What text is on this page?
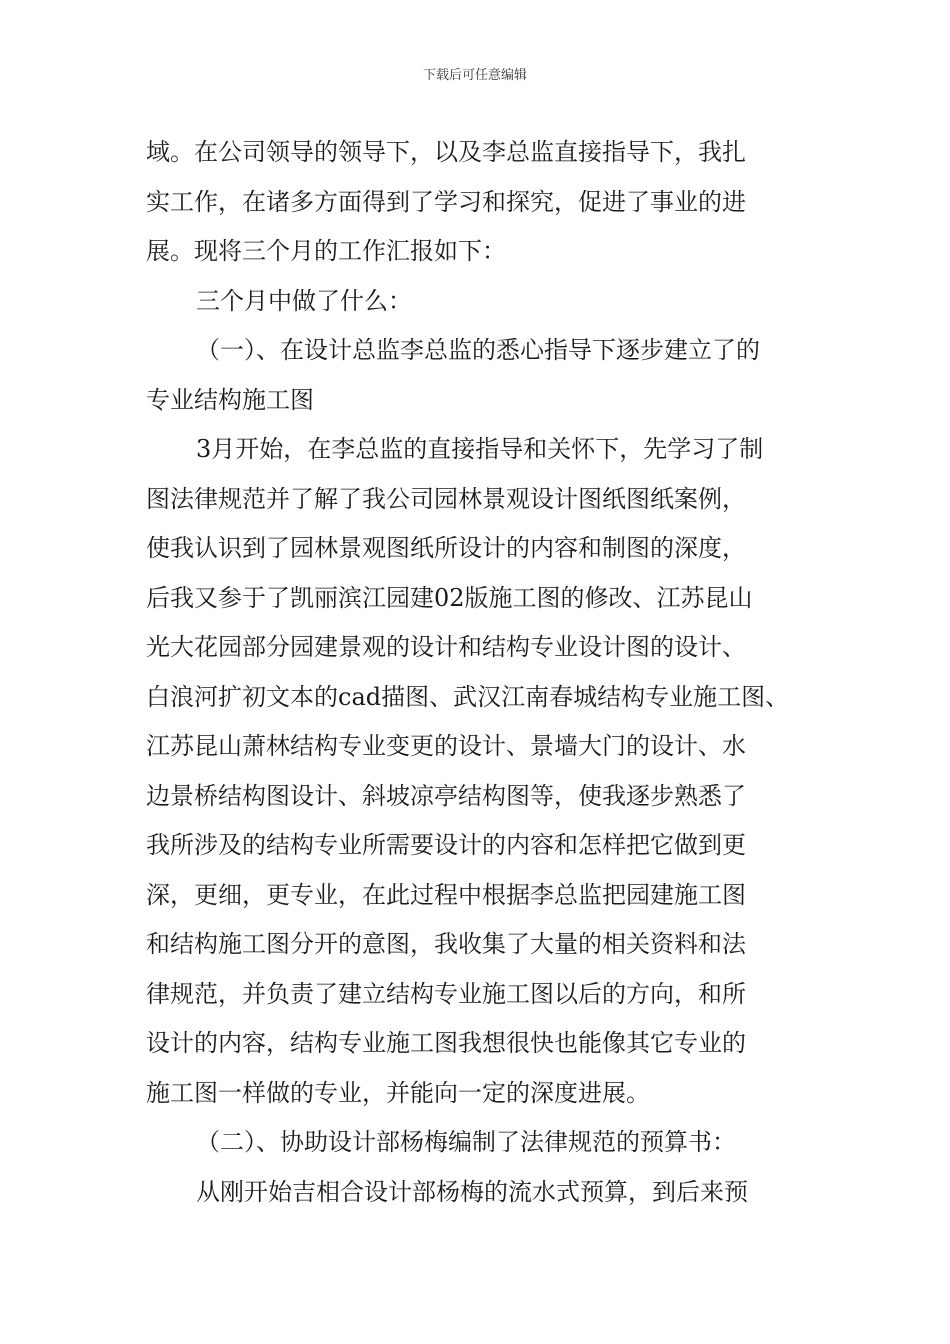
下载后可任意编辑
域。在公司领导的领导下，以及李总监直接指导下，我扎
实工作，在诸多方面得到了学习和探究，促进了事业的进
展。现将三个月的工作汇报如下：
三个月中做了什么：
（一）、在设计总监李总监的悉心指导下逐步建立了的
专业结构施工图
3月开始，在李总监的直接指导和关怀下，先学习了制
图法律规范并了解了我公司园林景观设计图纸图纸案例，
使我认识到了园林景观图纸所设计的内容和制图的深度，
后我又参于了凯丽滨江园建02版施工图的修改、江苏昆山
光大花园部分园建景观的设计和结构专业设计图的设计、
白浪河扩初文本的cad描图、武汉江南春城结构专业施工图、
江苏昆山萧林结构专业变更的设计、景墙大门的设计、水
边景桥结构图设计、斜坡凉亭结构图等，使我逐步熟悉了
我所涉及的结构专业所需要设计的内容和怎样把它做到更
深，更细，更专业，在此过程中根据李总监把园建施工图
和结构施工图分开的意图，我收集了大量的相关资料和法
律规范，并负责了建立结构专业施工图以后的方向，和所
设计的内容，结构专业施工图我想很快也能像其它专业的
施工图一样做的专业，并能向一定的深度进展。
（二）、协助设计部杨梅编制了法律规范的预算书：
从刚开始吉相合设计部杨梅的流水式预算，到后来预
